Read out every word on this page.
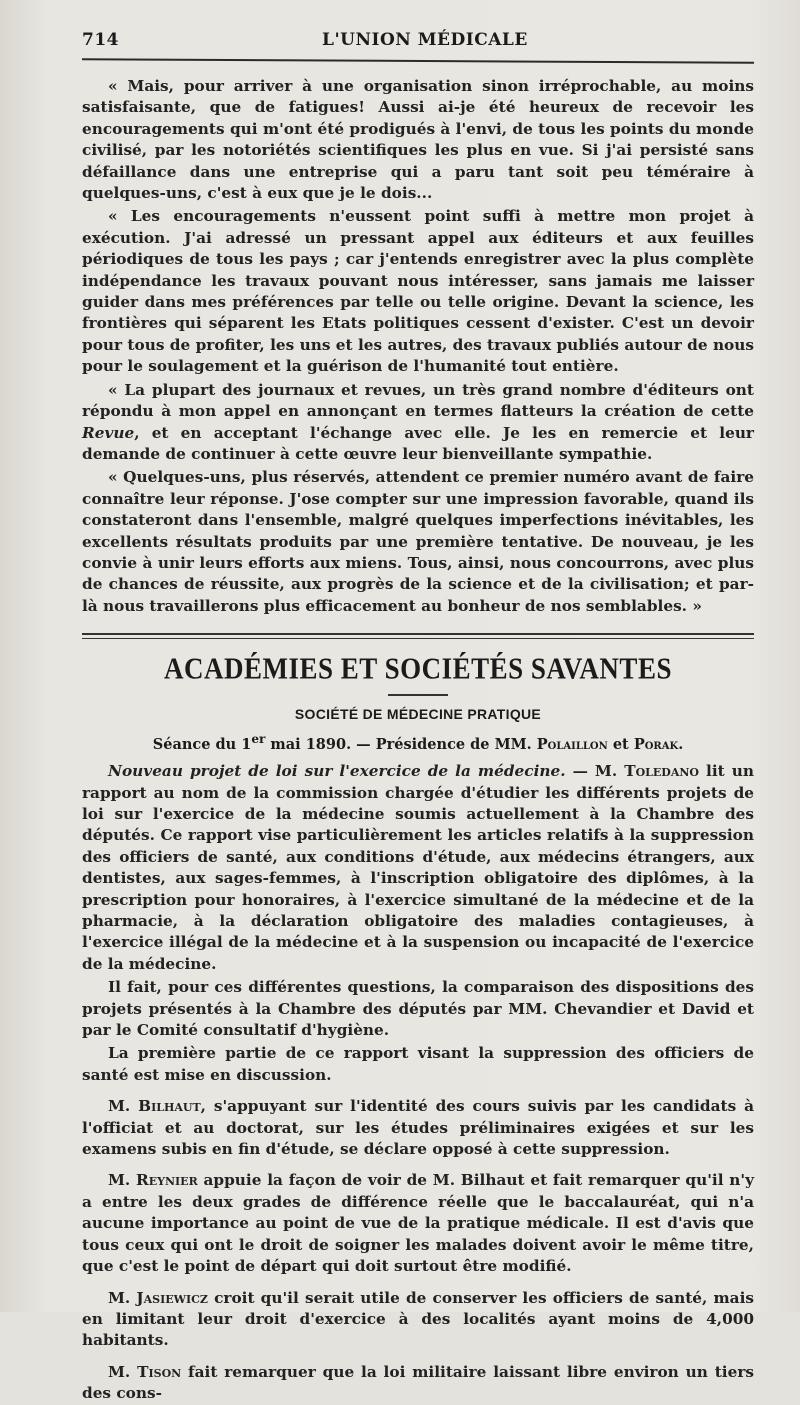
714	L'UNION MÉDICALE

« Mais, pour arriver à une organisation sinon irréprochable, au moins satisfaisante, que de fatigues! Aussi ai-je été heureux de recevoir les encouragements qui m'ont été prodigués à l'envi, de tous les points du monde civilisé, par les notoriétés scientifiques les plus en vue. Si j'ai persisté sans défaillance dans une entreprise qui a paru tant soit peu téméraire à quelques-uns, c'est à eux que je le dois...

« Les encouragements n'eussent point suffi à mettre mon projet à exécution. J'ai adressé un pressant appel aux éditeurs et aux feuilles périodiques de tous les pays ; car j'entends enregistrer avec la plus complète indépendance les travaux pouvant nous intéresser, sans jamais me laisser guider dans mes préférences par telle ou telle origine. Devant la science, les frontières qui séparent les Etats politiques cessent d'exister. C'est un devoir pour tous de profiter, les uns et les autres, des travaux publiés autour de nous pour le soulagement et la guérison de l'humanité tout entière.

« La plupart des journaux et revues, un très grand nombre d'éditeurs ont répondu à mon appel en annonçant en termes flatteurs la création de cette Revue, et en acceptant l'échange avec elle. Je les en remercie et leur demande de continuer à cette œuvre leur bienveillante sympathie.

« Quelques-uns, plus réservés, attendent ce premier numéro avant de faire connaître leur réponse. J'ose compter sur une impression favorable, quand ils constateront dans l'ensemble, malgré quelques imperfections inévitables, les excellents résultats produits par une première tentative. De nouveau, je les convie à unir leurs efforts aux miens. Tous, ainsi, nous concourrons, avec plus de chances de réussite, aux progrès de la science et de la civilisation; et par-là nous travaillerons plus efficacement au bonheur de nos semblables. »

ACADÉMIES ET SOCIÉTÉS SAVANTES
SOCIÉTÉ DE MÉDECINE PRATIQUE
Séance du 1er mai 1890. — Présidence de MM. Polaillon et Porak.

Nouveau projet de loi sur l'exercice de la médecine. — M. Toledano lit un rapport au nom de la commission chargée d'étudier les différents projets de loi sur l'exercice de la médecine soumis actuellement à la Chambre des députés. Ce rapport vise particulièrement les articles relatifs à la suppression des officiers de santé, aux conditions d'étude, aux médecins étrangers, aux dentistes, aux sages-femmes, à l'inscription obligatoire des diplômes, à la prescription pour honoraires, à l'exercice simultané de la médecine et de la pharmacie, à la déclaration obligatoire des maladies contagieuses, à l'exercice illégal de la médecine et à la suspension ou incapacité de l'exercice de la médecine.

Il fait, pour ces différentes questions, la comparaison des dispositions des projets présentés à la Chambre des députés par MM. Chevandier et David et par le Comité consultatif d'hygiène.

La première partie de ce rapport visant la suppression des officiers de santé est mise en discussion.

M. Bilhaut, s'appuyant sur l'identité des cours suivis par les candidats à l'officiat et au doctorat, sur les études préliminaires exigées et sur les examens subis en fin d'étude, se déclare opposé à cette suppression.

M. Reynier appuie la façon de voir de M. Bilhaut et fait remarquer qu'il n'y a entre les deux grades de différence réelle que le baccalauréat, qui n'a aucune importance au point de vue de la pratique médicale. Il est d'avis que tous ceux qui ont le droit de soigner les malades doivent avoir le même titre, que c'est le point de départ qui doit surtout être modifié.

M. Jasiewicz croit qu'il serait utile de conserver les officiers de santé, mais en limitant leur droit d'exercice à des localités ayant moins de 4,000 habitants.

M. Tison fait remarquer que la loi militaire laissant libre environ un tiers des cons-
